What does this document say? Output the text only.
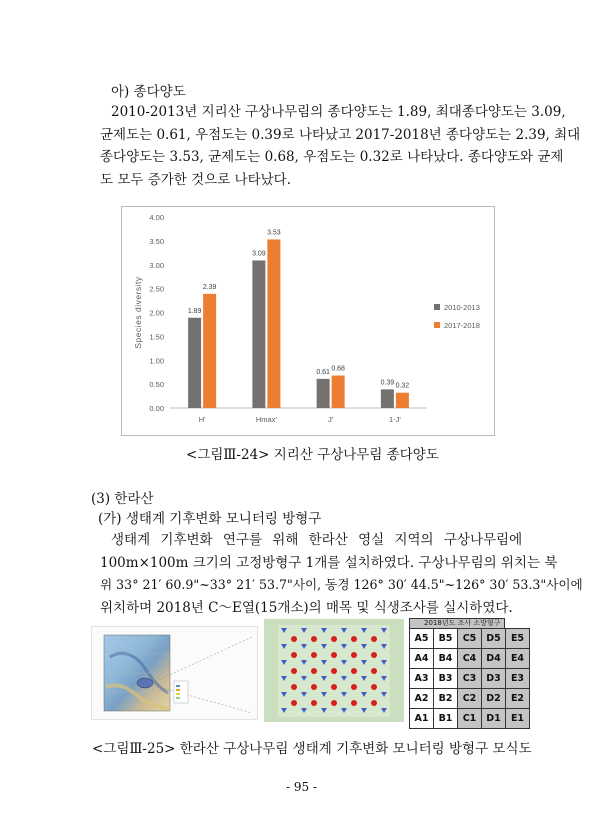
아) 종다양도
2010-2013년 지리산 구상나무림의 종다양도는 1.89, 최대종다양도는 3.09,
균제도는 0.61, 우점도는 0.39로 나타났고 2017-2018년 종다양도는 2.39, 최대
종다양도는 3.53, 균제도는 0.68, 우점도는 0.32로 나타났다. 종다양도와 균제
도 모두 증가한 것으로 나타났다.
0.00
0.50
1.00
1.50
2.00
2.50
3.00
3.50
4.00
Species diversity	1.89
2.39
H'
3.09
3.53
Hmax'
0.61 0.68
J'
0.39 0.32
1-J'
2010-2013
2017-2018
<그림Ⅲ-24> 지리산 구상나무림 종다양도
(3) 한라산
(가) 생태계 기후변화 모니터링 방형구
생태계 기후변화 연구를 위해 한라산 영실 지역의 구상나무림에
100m×100m 크기의 고정방형구 1개를 설치하였다. 구상나무림의 위치는 북
위 33° 21′ 60.9"~33° 21′ 53.7"사이, 동경 126° 30′ 44.5"~126° 30′ 53.3"사이에
위치하며 2018년 C～E열(15개소)의 매목 및 식생조사를 실시하였다.
2018년도 조사 소방형구
A5	B5	C5	D5	E5
A4	B4	C4	D4	E4
A3	B3	C3	D3	E3
A2	B2	C2	D2	E2
A1	B1	C1	D1	E1
<그림Ⅲ-25> 한라산 구상나무림 생태계 기후변화 모니터링 방형구 모식도
- 95 -
